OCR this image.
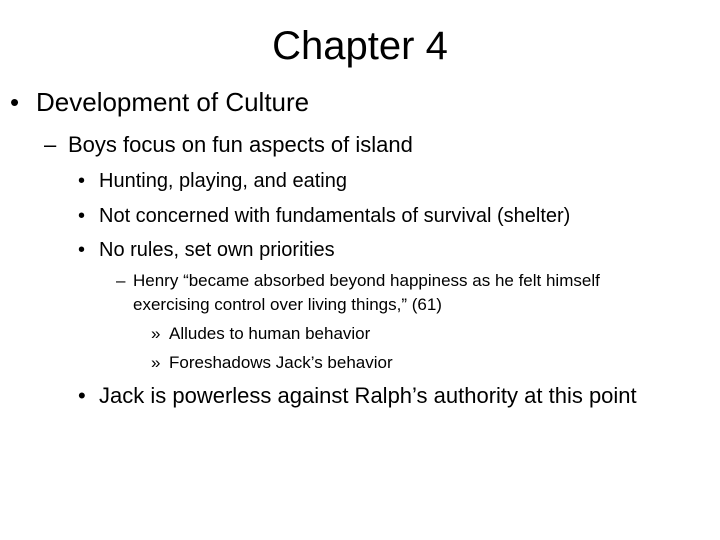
Chapter 4
• Development of Culture
– Boys focus on fun aspects of island
• Hunting, playing, and eating
• Not concerned with fundamentals of survival (shelter)
• No rules, set own priorities
– Henry “became absorbed beyond happiness as he felt himself
exercising control over living things,” (61)
» Alludes to human behavior
» Foreshadows Jack’s behavior
• Jack is powerless against Ralph’s authority at this point
